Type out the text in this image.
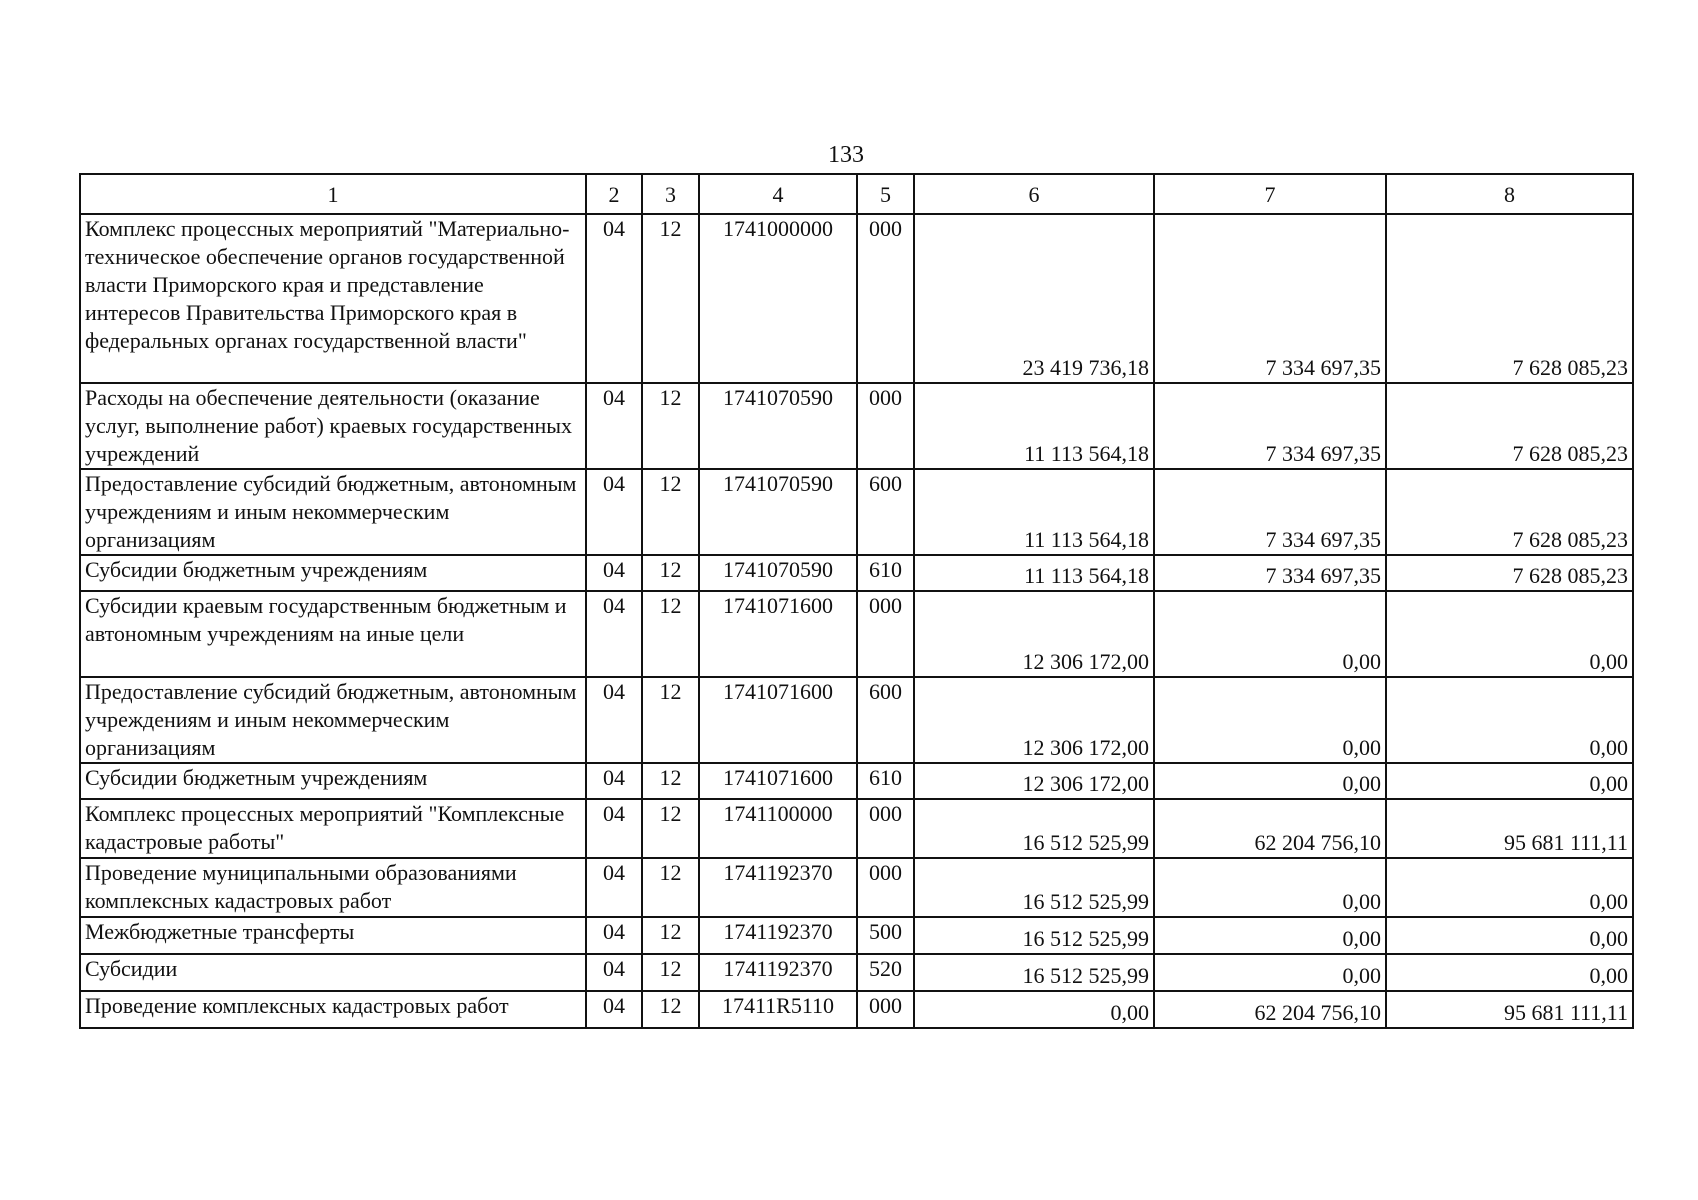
133
1	2	3	4	5	6	7	8
Комплекс процессных мероприятий "Материально-техническое обеспечение органов государственной власти Приморского края и представление интересов Правительства Приморского края в федеральных органах государственной власти"	04	12	1741000000	000	23 419 736,18	7 334 697,35	7 628 085,23
Расходы на обеспечение деятельности (оказание услуг, выполнение работ) краевых государственных учреждений	04	12	1741070590	000	11 113 564,18	7 334 697,35	7 628 085,23
Предоставление субсидий бюджетным, автономным учреждениям и иным некоммерческим организациям	04	12	1741070590	600	11 113 564,18	7 334 697,35	7 628 085,23
Субсидии бюджетным учреждениям	04	12	1741070590	610	11 113 564,18	7 334 697,35	7 628 085,23
Субсидии краевым государственным бюджетным и автономным учреждениям на иные цели	04	12	1741071600	000	12 306 172,00	0,00	0,00
Предоставление субсидий бюджетным, автономным учреждениям и иным некоммерческим организациям	04	12	1741071600	600	12 306 172,00	0,00	0,00
Субсидии бюджетным учреждениям	04	12	1741071600	610	12 306 172,00	0,00	0,00
Комплекс процессных мероприятий "Комплексные кадастровые работы"	04	12	1741100000	000	16 512 525,99	62 204 756,10	95 681 111,11
Проведение муниципальными образованиями комплексных кадастровых работ	04	12	1741192370	000	16 512 525,99	0,00	0,00
Межбюджетные трансферты	04	12	1741192370	500	16 512 525,99	0,00	0,00
Субсидии	04	12	1741192370	520	16 512 525,99	0,00	0,00
Проведение комплексных кадастровых работ	04	12	17411R5110	000	0,00	62 204 756,10	95 681 111,11
